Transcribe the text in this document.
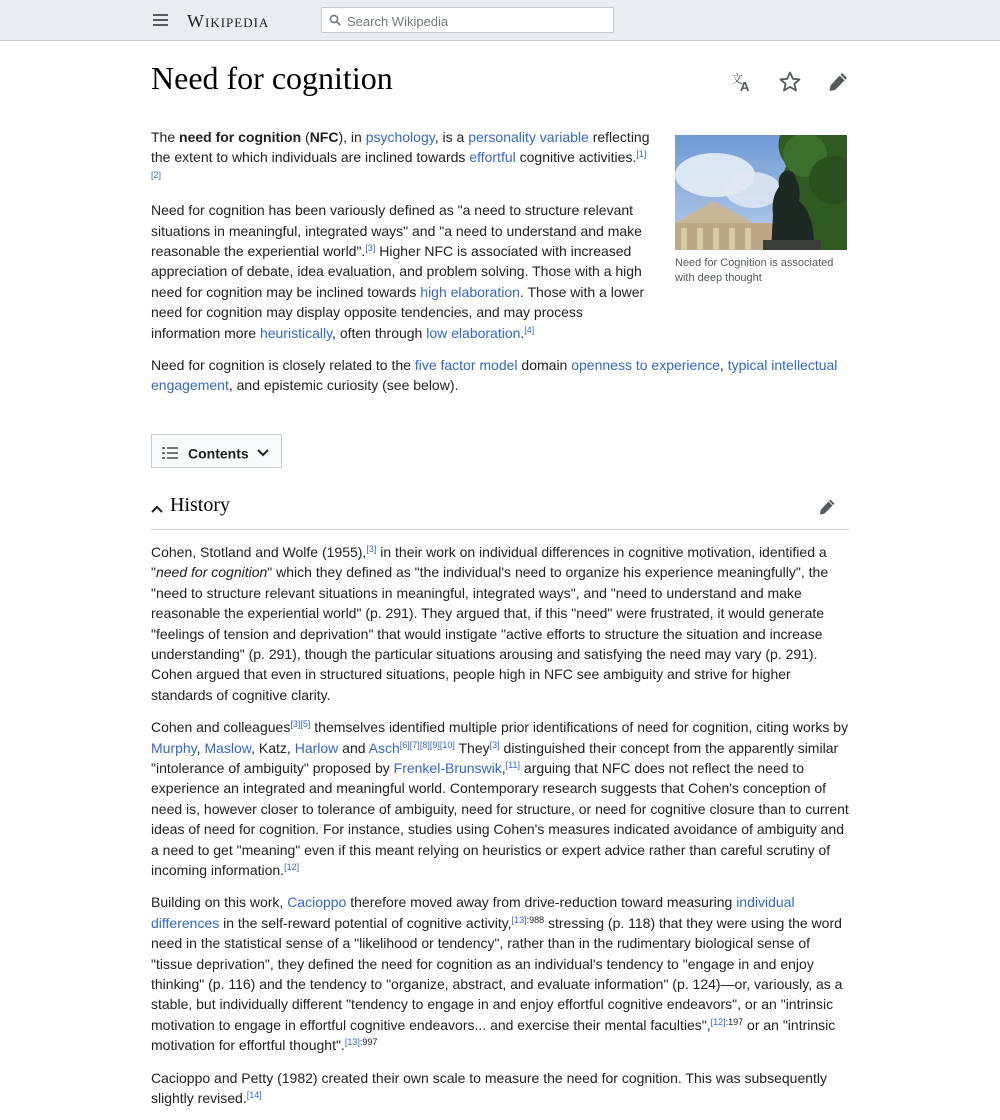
Wikipedia
Search Wikipedia
Need for cognition	文
A
Need for Cognition is associated with deep thought

The need for cognition (NFC), in psychology, is a personality variable reflecting the extent to which individuals are inclined towards effortful cognitive activities.[1][2]

Need for cognition has been variously defined as "a need to structure relevant situations in meaningful, integrated ways" and "a need to understand and make reasonable the experiential world".[3] Higher NFC is associated with increased appreciation of debate, idea evaluation, and problem solving. Those with a high need for cognition may be inclined towards high elaboration. Those with a lower need for cognition may display opposite tendencies, and may process information more heuristically, often through low elaboration.[4]

Need for cognition is closely related to the five factor model domain openness to experience, typical intellectual engagement, and epistemic curiosity (see below).

Contents
History

Cohen, Stotland and Wolfe (1955),[3] in their work on individual differences in cognitive motivation, identified a "need for cognition" which they defined as "the individual's need to organize his experience meaningfully", the "need to structure relevant situations in meaningful, integrated ways", and "need to understand and make reasonable the experiential world" (p. 291). They argued that, if this "need" were frustrated, it would generate "feelings of tension and deprivation" that would instigate "active efforts to structure the situation and increase understanding" (p. 291), though the particular situations arousing and satisfying the need may vary (p. 291). Cohen argued that even in structured situations, people high in NFC see ambiguity and strive for higher standards of cognitive clarity.

Cohen and colleagues[3][5] themselves identified multiple prior identifications of need for cognition, citing works by Murphy, Maslow, Katz, Harlow and Asch[6][7][8][9][10] They[3] distinguished their concept from the apparently similar "intolerance of ambiguity" proposed by Frenkel-Brunswik,[11] arguing that NFC does not reflect the need to experience an integrated and meaningful world. Contemporary research suggests that Cohen's conception of need is, however closer to tolerance of ambiguity, need for structure, or need for cognitive closure than to current ideas of need for cognition. For instance, studies using Cohen's measures indicated avoidance of ambiguity and a need to get "meaning" even if this meant relying on heuristics or expert advice rather than careful scrutiny of incoming information.[12]

Building on this work, Cacioppo therefore moved away from drive-reduction toward measuring individual differences in the self-reward potential of cognitive activity,$^{[13]:988}$ stressing (p. 118) that they were using the word need in the statistical sense of a "likelihood or tendency", rather than in the rudimentary biological sense of "tissue deprivation", they defined the need for cognition as an individual's tendency to "engage in and enjoy thinking" (p. 116) and the tendency to "organize, abstract, and evaluate information" (p. 124)—or, variously, as a stable, but individually different "tendency to engage in and enjoy effortful cognitive endeavors", or an "intrinsic motivation to engage in effortful cognitive endeavors... and exercise their mental faculties",$^{[12]:197}$ or an "intrinsic motivation for effortful thought".$^{[13]:997}$

Cacioppo and Petty (1982) created their own scale to measure the need for cognition. This was subsequently slightly revised.[14]
